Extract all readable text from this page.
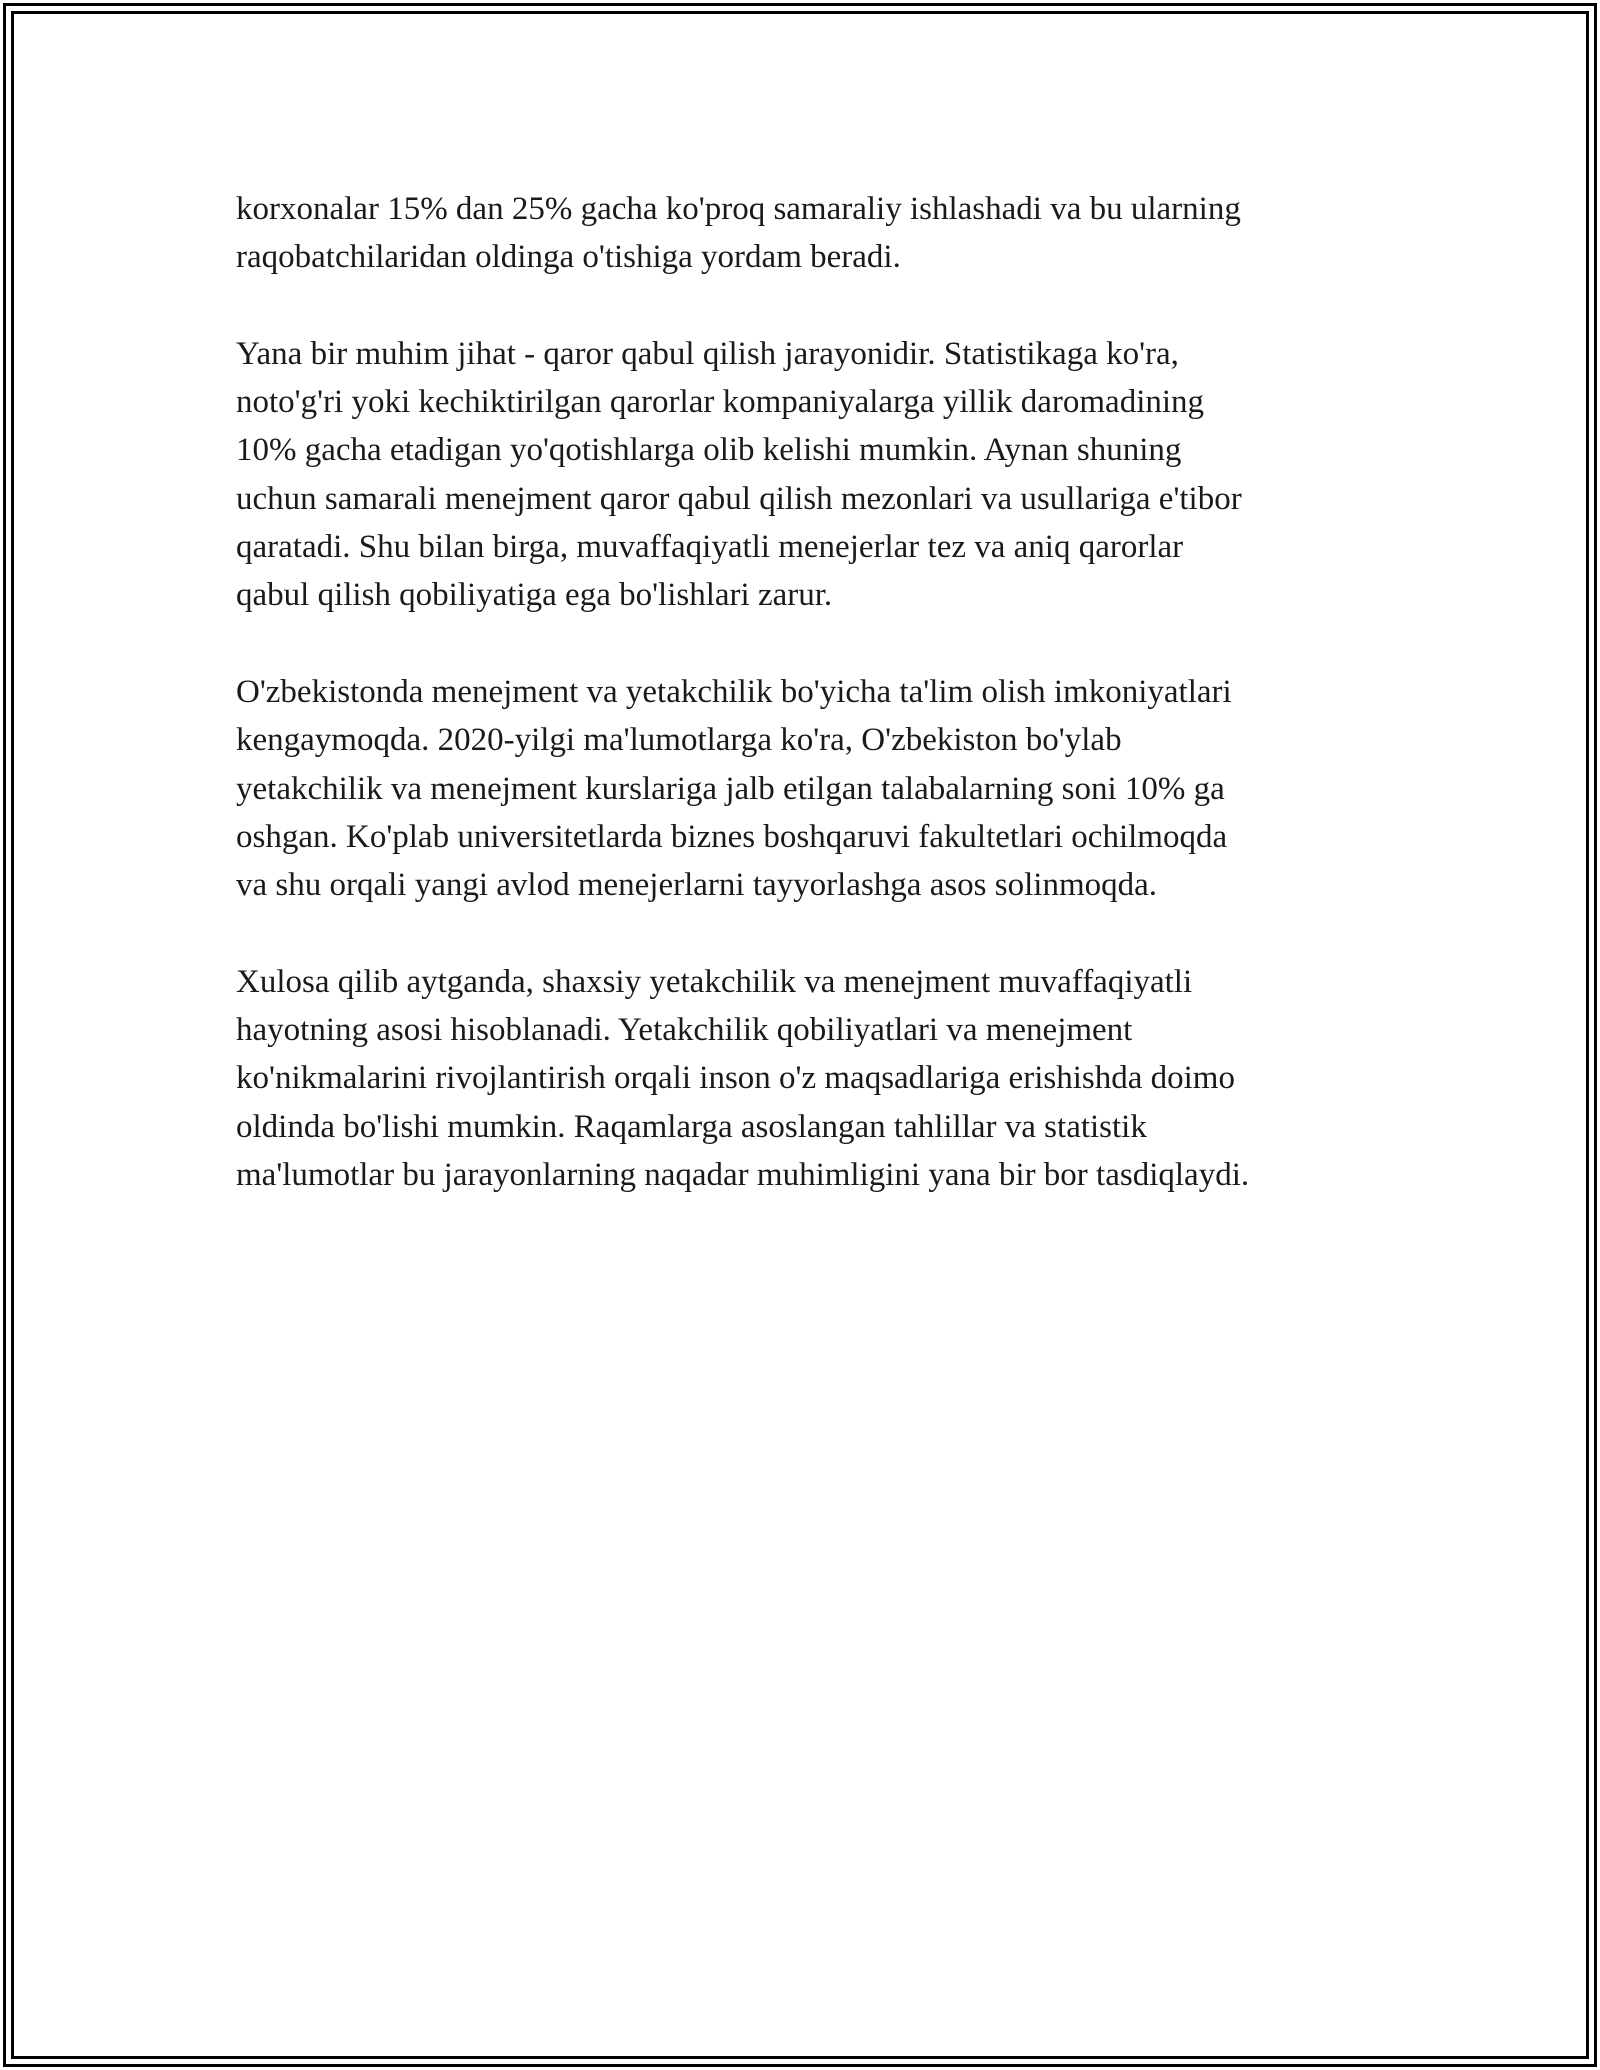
korxonalar 15% dan 25% gacha ko'proq samaraliy ishlashadi va bu ularning
raqobatchilaridan oldinga o'tishiga yordam beradi.

Yana bir muhim jihat - qaror qabul qilish jarayonidir. Statistikaga ko'ra,
noto'g'ri yoki kechiktirilgan qarorlar kompaniyalarga yillik daromadining
10% gacha etadigan yo'qotishlarga olib kelishi mumkin. Aynan shuning
uchun samarali menejment qaror qabul qilish mezonlari va usullariga e'tibor
qaratadi. Shu bilan birga, muvaffaqiyatli menejerlar tez va aniq qarorlar
qabul qilish qobiliyatiga ega bo'lishlari zarur.

O'zbekistonda menejment va yetakchilik bo'yicha ta'lim olish imkoniyatlari
kengaymoqda. 2020-yilgi ma'lumotlarga ko'ra, O'zbekiston bo'ylab
yetakchilik va menejment kurslariga jalb etilgan talabalarning soni 10% ga
oshgan. Ko'plab universitetlarda biznes boshqaruvi fakultetlari ochilmoqda
va shu orqali yangi avlod menejerlarni tayyorlashga asos solinmoqda.

Xulosa qilib aytganda, shaxsiy yetakchilik va menejment muvaffaqiyatli
hayotning asosi hisoblanadi. Yetakchilik qobiliyatlari va menejment
ko'nikmalarini rivojlantirish orqali inson o'z maqsadlariga erishishda doimo
oldinda bo'lishi mumkin. Raqamlarga asoslangan tahlillar va statistik
ma'lumotlar bu jarayonlarning naqadar muhimligini yana bir bor tasdiqlaydi.
